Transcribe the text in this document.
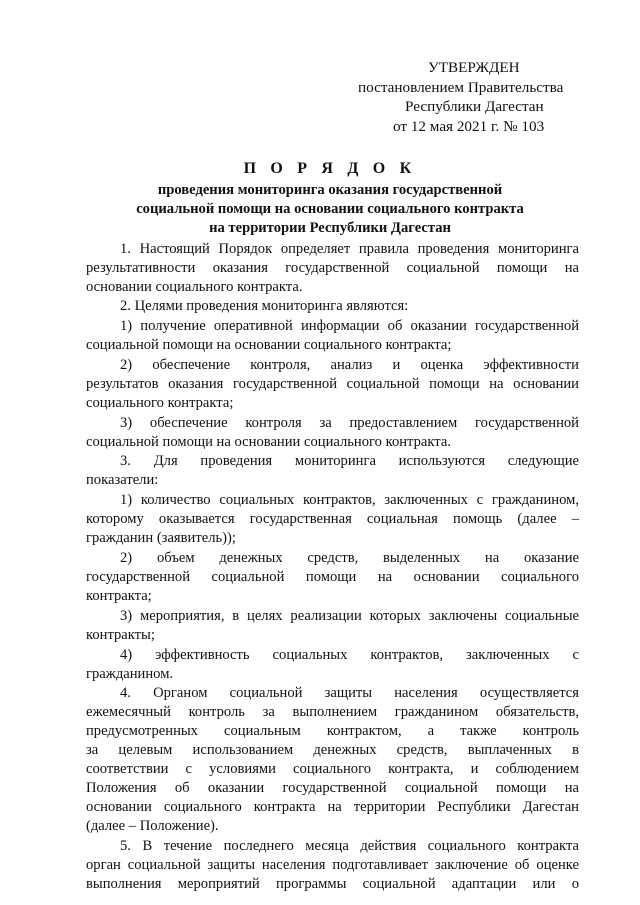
УТВЕРЖДЕН
постановлением Правительства
Республики Дагестан
от 12 мая 2021 г. № 103
П О Р Я Д О К
проведения мониторинга оказания государственной
социальной помощи на основании социального контракта
на территории Республики Дагестан
1. Настоящий Порядок определяет правила проведения мониторинга
результативности оказания государственной социальной помощи на
основании социального контракта.
2. Целями проведения мониторинга являются:
1) получение оперативной информации об оказании государственной
социальной помощи на основании социального контракта;
2) обеспечение контроля, анализ и оценка эффективности
результатов оказания государственной социальной помощи на основании
социального контракта;
3) обеспечение контроля за предоставлением государственной
социальной помощи на основании социального контракта.
3. Для проведения мониторинга используются следующие
показатели:
1) количество социальных контрактов, заключенных с гражданином,
которому оказывается государственная социальная помощь (далее –
гражданин (заявитель));
2) объем денежных средств, выделенных на оказание
государственной социальной помощи на основании социального
контракта;
3) мероприятия, в целях реализации которых заключены социальные
контракты;
4) эффективность социальных контрактов, заключенных с
гражданином.
4. Органом социальной защиты населения осуществляется
ежемесячный контроль за выполнением гражданином обязательств,
предусмотренных социальным контрактом, а также контроль
за целевым использованием денежных средств, выплаченных в
соответствии с условиями социального контракта, и соблюдением
Положения об оказании государственной социальной помощи на
основании социального контракта на территории Республики Дагестан
(далее – Положение).
5. В течение последнего месяца действия социального контракта
орган социальной защиты населения подготавливает заключение об оценке
выполнения мероприятий программы социальной адаптации или о
